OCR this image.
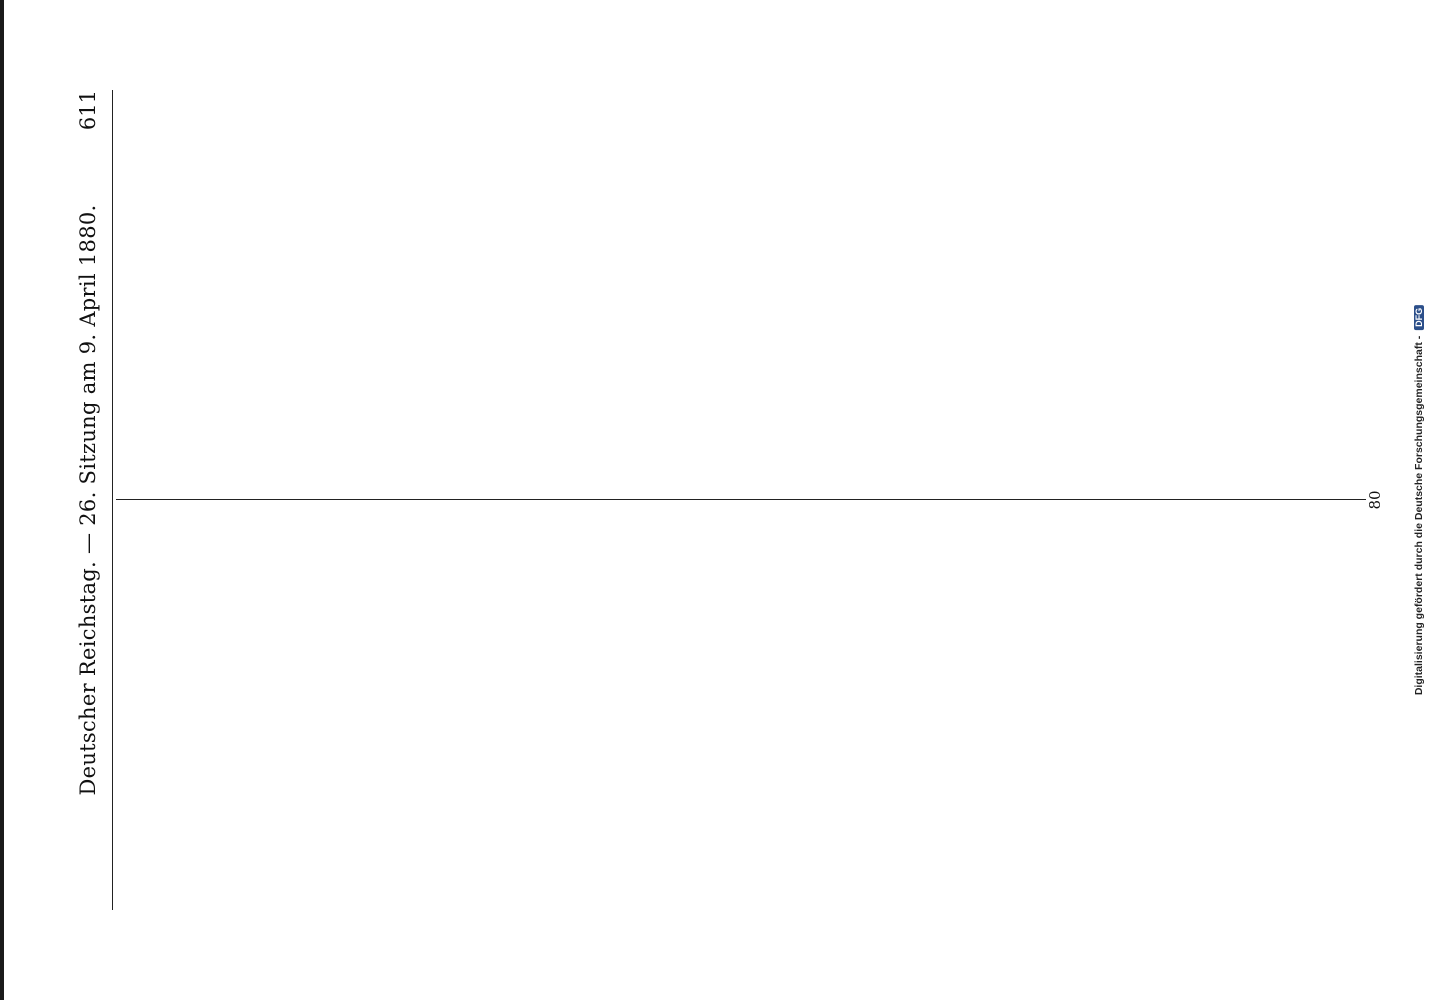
Deutscher Reichstag. — 26. Sitzung am 9. April 1880.
611
80	Digitalisierung gefördert durch die Deutsche Forschungsgemeinschaft - DFG
